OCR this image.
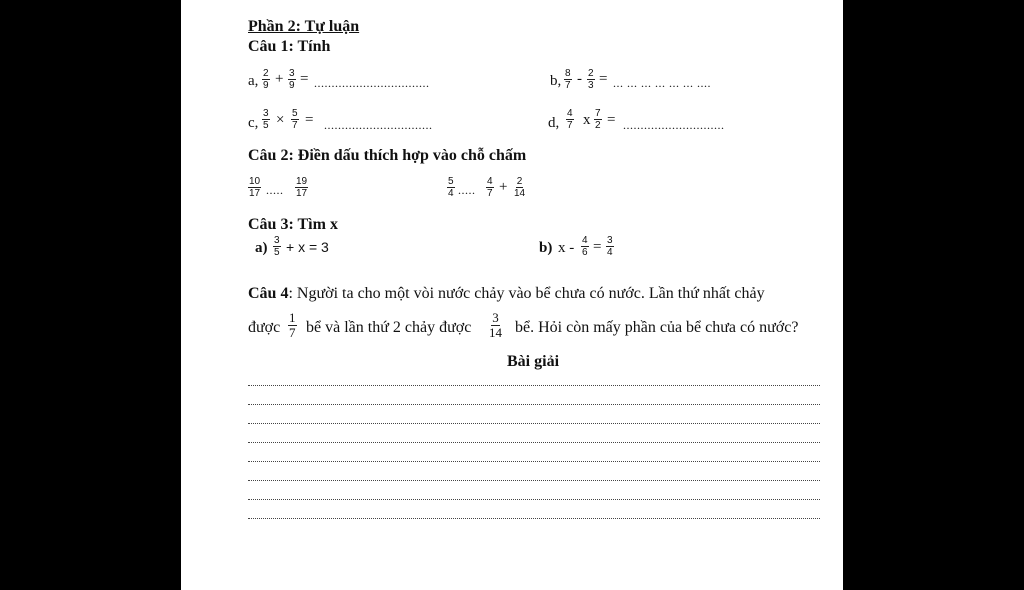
Phần 2: Tự luận
Câu 1: Tính
a, $\frac{2}{9} + \frac{3}{9}$ = .................................	b, $\frac{8}{7} - \frac{2}{3}$ = ... ... ... ... ... ... ....
c, $\frac{3}{5} \times \frac{5}{7}$ = ...............................	d, $\frac{4}{7}$ x $\frac{7}{2}$ = .............................
Câu 2: Điền dấu thích hợp vào chỗ chấm
$\frac{10}{17}$ ..... $\frac{19}{17}$	$\frac{5}{4}$ ..... $\frac{4}{7} + \frac{2}{14}$
Câu 3: Tìm x
$a) \frac{3}{5} + x = 3$	b) $x - \frac{4}{6} = \frac{3}{4}$
Câu 4: Người ta cho một vòi nước chảy vào bể chưa có nước. Lần thứ nhất chảy
được $\frac{1}{7}$ bể và lần thứ 2 chảy được $\frac{3}{14}$ bể. Hỏi còn mấy phần của bể chưa có nước?
Bài giải
